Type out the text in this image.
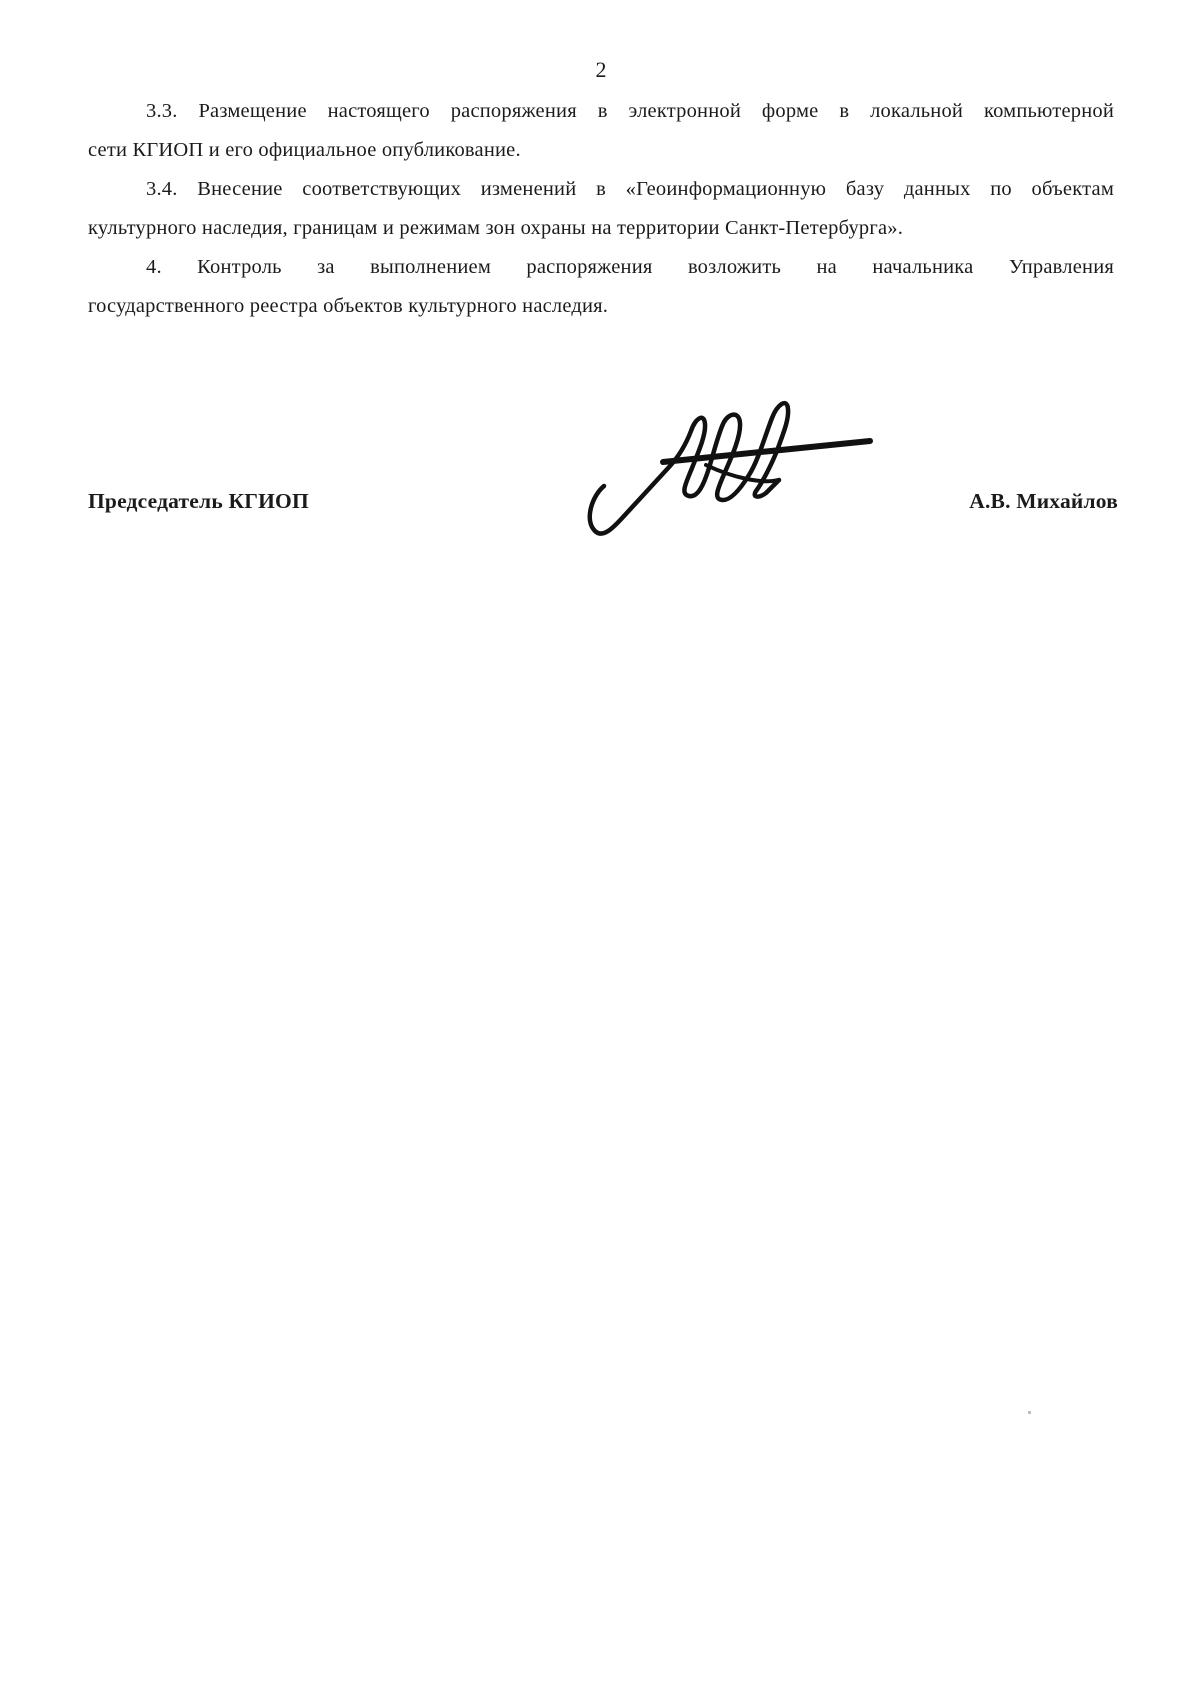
2
3.3. Размещение настоящего распоряжения в электронной форме в локальной компьютерной
сети КГИОП и его официальное опубликование.
3.4. Внесение соответствующих изменений в «Геоинформационную базу данных по объектам
культурного наследия, границам и режимам зон охраны на территории Санкт-Петербурга».
4. Контроль за выполнением распоряжения возложить на начальника Управления
государственного реестра объектов культурного наследия.
Председатель КГИОП	А.В. Михайлов
